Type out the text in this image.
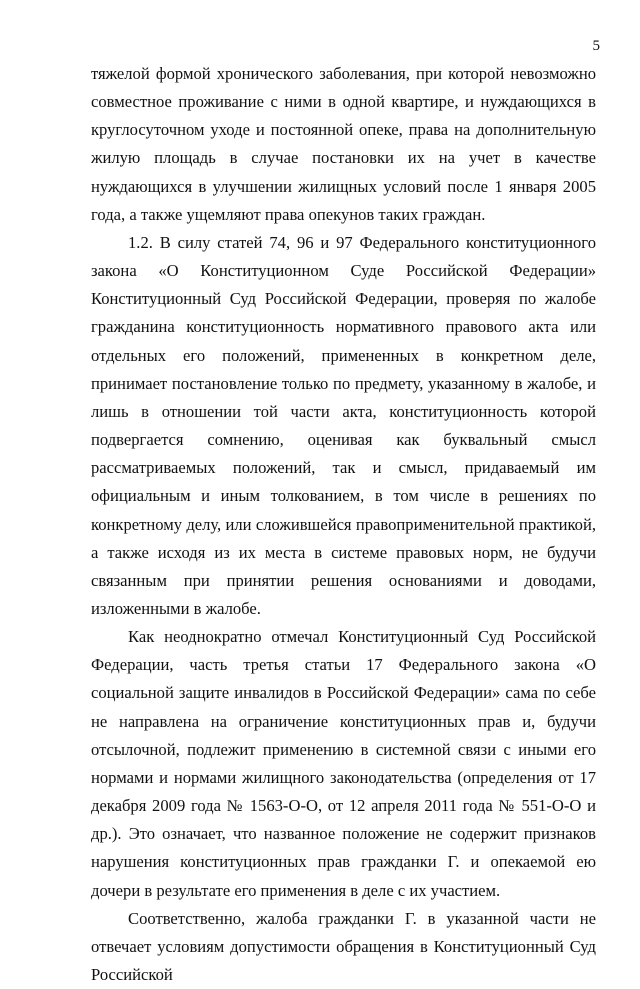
5

тяжелой формой хронического заболевания, при которой невозможно совместное проживание с ними в одной квартире, и нуждающихся в круглосуточном уходе и постоянной опеке, права на дополнительную жилую площадь в случае постановки их на учет в качестве нуждающихся в улучшении жилищных условий после 1 января 2005 года, а также ущемляют права опекунов таких граждан.

1.2. В силу статей 74, 96 и 97 Федерального конституционного закона «О Конституционном Суде Российской Федерации» Конституционный Суд Российской Федерации, проверяя по жалобе гражданина конституционность нормативного правового акта или отдельных его положений, примененных в конкретном деле, принимает постановление только по предмету, указанному в жалобе, и лишь в отношении той части акта, конституционность которой подвергается сомнению, оценивая как буквальный смысл рассматриваемых положений, так и смысл, придаваемый им официальным и иным толкованием, в том числе в решениях по конкретному делу, или сложившейся правоприменительной практикой, а также исходя из их места в системе правовых норм, не будучи связанным при принятии решения основаниями и доводами, изложенными в жалобе.

Как неоднократно отмечал Конституционный Суд Российской Федерации, часть третья статьи 17 Федерального закона «О социальной защите инвалидов в Российской Федерации» сама по себе не направлена на ограничение конституционных прав и, будучи отсылочной, подлежит применению в системной связи с иными его нормами и нормами жилищного законодательства (определения от 17 декабря 2009 года № 1563-О-О, от 12 апреля 2011 года № 551-О-О и др.). Это означает, что названное положение не содержит признаков нарушения конституционных прав гражданки Г. и опекаемой ею дочери в результате его применения в деле с их участием.

Соответственно, жалоба гражданки Г. в указанной части не отвечает условиям допустимости обращения в Конституционный Суд Российской
